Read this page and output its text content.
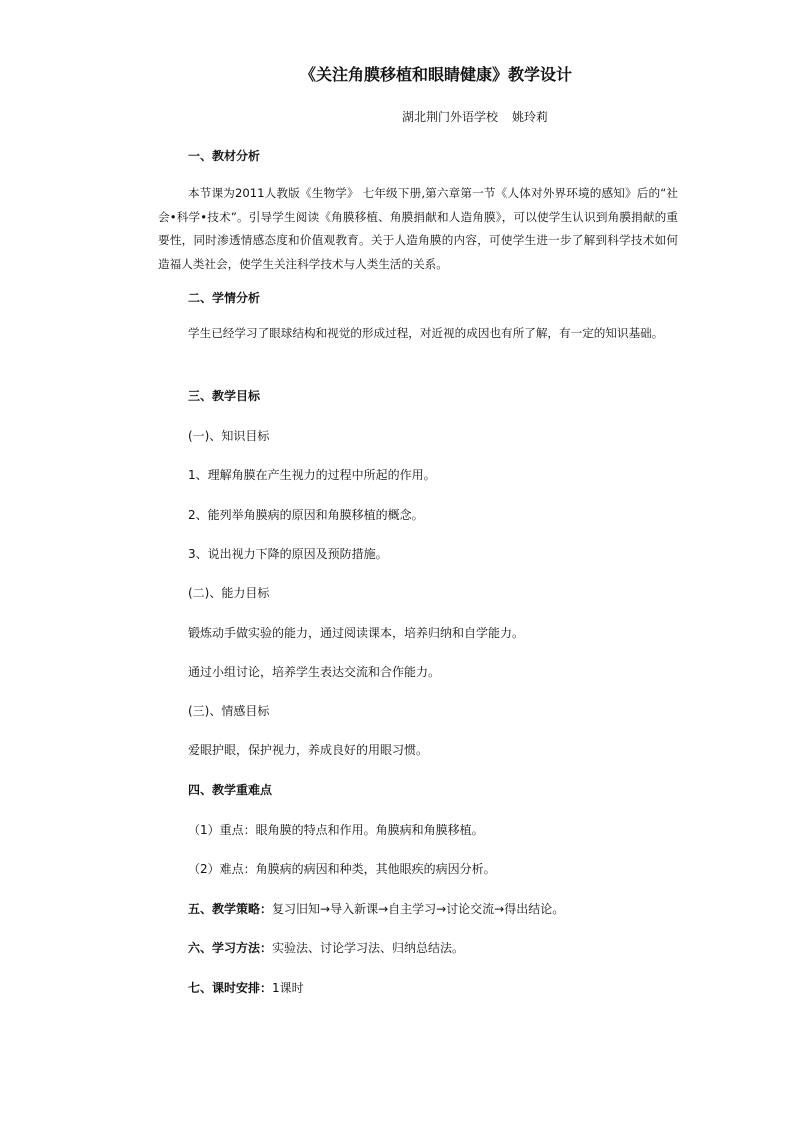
《关注角膜移植和眼睛健康》教学设计
湖北荆门外语学校 姚玲莉
一、教材分析
本节课为2011人教版《生物学》 七年级下册,第六章第一节《人体对外界环境的感知》后的“社会•科学•技术”。引导学生阅读《角膜移植、角膜捐献和人造角膜》，可以使学生认识到角膜捐献的重要性，同时渗透情感态度和价值观教育。关于人造角膜的内容，可使学生进一步了解到科学技术如何造福人类社会，使学生关注科学技术与人类生活的关系。
二、学情分析
学生已经学习了眼球结构和视觉的形成过程，对近视的成因也有所了解，有一定的知识基础。
三、教学目标
(一)、知识目标
1、理解角膜在产生视力的过程中所起的作用。
2、能列举角膜病的原因和角膜移植的概念。
3、说出视力下降的原因及预防措施。
(二)、能力目标
锻炼动手做实验的能力，通过阅读课本，培养归纳和自学能力。
通过小组讨论，培养学生表达交流和合作能力。
(三)、情感目标
爱眼护眼，保护视力，养成良好的用眼习惯。
四、教学重难点
（1）重点：眼角膜的特点和作用。角膜病和角膜移植。
（2）难点：角膜病的病因和种类，其他眼疾的病因分析。
五、教学策略：复习旧知→导入新课→自主学习→讨论交流→得出结论。
六、学习方法：实验法、讨论学习法、归纳总结法。
七、课时安排：1课时
